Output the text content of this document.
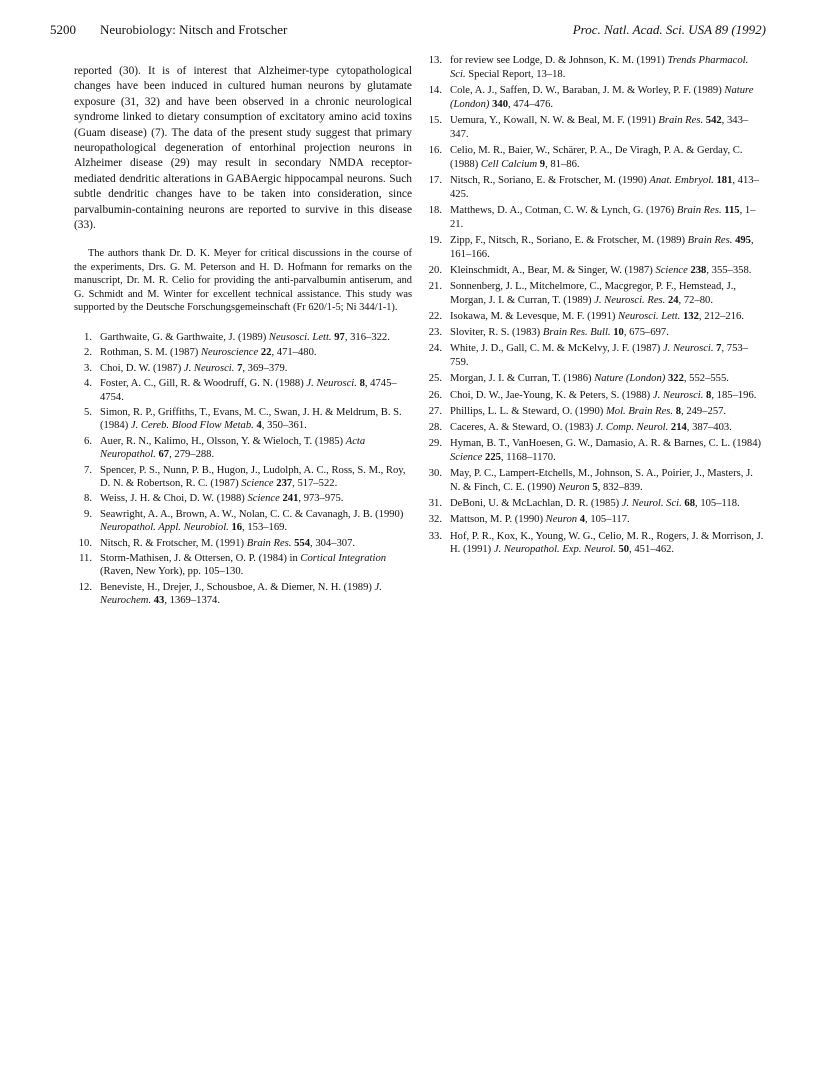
5200 Neurobiology: Nitsch and Frotscher	Proc. Natl. Acad. Sci. USA 89 (1992)

reported (30). It is of interest that Alzheimer-type cytopathological changes have been induced in cultured human neurons by glutamate exposure (31, 32) and have been observed in a chronic neurological syndrome linked to dietary consumption of excitatory amino acid toxins (Guam disease) (7). The data of the present study suggest that primary neuropathological degeneration of entorhinal projection neurons in Alzheimer disease (29) may result in secondary NMDA receptor-mediated dendritic alterations in GABAergic hippocampal neurons. Such subtle dendritic changes have to be taken into consideration, since parvalbumin-containing neurons are reported to survive in this disease (33).

The authors thank Dr. D. K. Meyer for critical discussions in the course of the experiments, Drs. G. M. Peterson and H. D. Hofmann for remarks on the manuscript, Dr. M. R. Celio for providing the anti-parvalbumin antiserum, and G. Schmidt and M. Winter for excellent technical assistance. This study was supported by the Deutsche Forschungsgemeinschaft (Fr 620/1-5; Ni 344/1-1).

1. Garthwaite, G. & Garthwaite, J. (1989) Neusosci. Lett. 97, 316–322.
2. Rothman, S. M. (1987) Neuroscience 22, 471–480.
3. Choi, D. W. (1987) J. Neurosci. 7, 369–379.
4. Foster, A. C., Gill, R. & Woodruff, G. N. (1988) J. Neurosci. 8, 4745–4754.
5. Simon, R. P., Griffiths, T., Evans, M. C., Swan, J. H. & Meldrum, B. S. (1984) J. Cereb. Blood Flow Metab. 4, 350–361.
6. Auer, R. N., Kalimo, H., Olsson, Y. & Wieloch, T. (1985) Acta Neuropathol. 67, 279–288.
7. Spencer, P. S., Nunn, P. B., Hugon, J., Ludolph, A. C., Ross, S. M., Roy, D. N. & Robertson, R. C. (1987) Science 237, 517–522.
8. Weiss, J. H. & Choi, D. W. (1988) Science 241, 973–975.
9. Seawright, A. A., Brown, A. W., Nolan, C. C. & Cavanagh, J. B. (1990) Neuropathol. Appl. Neurobiol. 16, 153–169.
10. Nitsch, R. & Frotscher, M. (1991) Brain Res. 554, 304–307.
11. Storm-Mathisen, J. & Ottersen, O. P. (1984) in Cortical Integration (Raven, New York), pp. 105–130.
12. Beneviste, H., Drejer, J., Schousboe, A. & Diemer, N. H. (1989) J. Neurochem. 43, 1369–1374.
13. for review see Lodge, D. & Johnson, K. M. (1991) Trends Pharmacol. Sci. Special Report, 13–18.
14. Cole, A. J., Saffen, D. W., Baraban, J. M. & Worley, P. F. (1989) Nature (London) 340, 474–476.
15. Uemura, Y., Kowall, N. W. & Beal, M. F. (1991) Brain Res. 542, 343–347.
16. Celio, M. R., Baier, W., Schärer, P. A., De Viragh, P. A. & Gerday, C. (1988) Cell Calcium 9, 81–86.
17. Nitsch, R., Soriano, E. & Frotscher, M. (1990) Anat. Embryol. 181, 413–425.
18. Matthews, D. A., Cotman, C. W. & Lynch, G. (1976) Brain Res. 115, 1–21.
19. Zipp, F., Nitsch, R., Soriano, E. & Frotscher, M. (1989) Brain Res. 495, 161–166.
20. Kleinschmidt, A., Bear, M. & Singer, W. (1987) Science 238, 355–358.
21. Sonnenberg, J. L., Mitchelmore, C., Macgregor, P. F., Hemstead, J., Morgan, J. I. & Curran, T. (1989) J. Neurosci. Res. 24, 72–80.
22. Isokawa, M. & Levesque, M. F. (1991) Neurosci. Lett. 132, 212–216.
23. Sloviter, R. S. (1983) Brain Res. Bull. 10, 675–697.
24. White, J. D., Gall, C. M. & McKelvy, J. F. (1987) J. Neurosci. 7, 753–759.
25. Morgan, J. I. & Curran, T. (1986) Nature (London) 322, 552–555.
26. Choi, D. W., Jae-Young, K. & Peters, S. (1988) J. Neurosci. 8, 185–196.
27. Phillips, L. L. & Steward, O. (1990) Mol. Brain Res. 8, 249–257.
28. Caceres, A. & Steward, O. (1983) J. Comp. Neurol. 214, 387–403.
29. Hyman, B. T., VanHoesen, G. W., Damasio, A. R. & Barnes, C. L. (1984) Science 225, 1168–1170.
30. May, P. C., Lampert-Etchells, M., Johnson, S. A., Poirier, J., Masters, J. N. & Finch, C. E. (1990) Neuron 5, 832–839.
31. DeBoni, U. & McLachlan, D. R. (1985) J. Neurol. Sci. 68, 105–118.
32. Mattson, M. P. (1990) Neuron 4, 105–117.
33. Hof, P. R., Kox, K., Young, W. G., Celio, M. R., Rogers, J. & Morrison, J. H. (1991) J. Neuropathol. Exp. Neurol. 50, 451–462.
